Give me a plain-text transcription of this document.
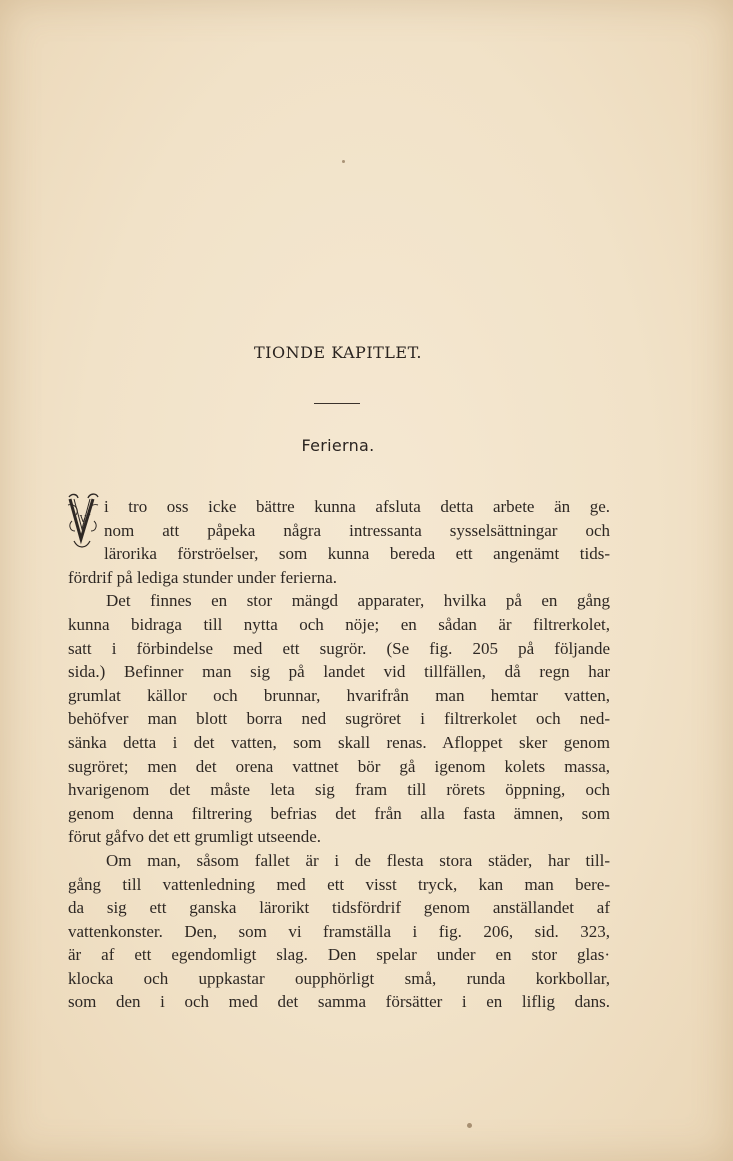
TIONDE KAPITLET.
Ferierna.
V
i tro oss icke bättre kunna afsluta detta arbete än ge.
nom att påpeka några intressanta sysselsättningar och
lärorika förströelser, som kunna bereda ett angenämt tids-
fördrif på lediga stunder under ferierna.
Det finnes en stor mängd apparater, hvilka på en gång
kunna bidraga till nytta och nöje; en sådan är filtrerkolet,
satt i förbindelse med ett sugrör. (Se fig. 205 på följande
sida.) Befinner man sig på landet vid tillfällen, då regn har
grumlat källor och brunnar, hvarifrån man hemtar vatten,
behöfver man blott borra ned sugröret i filtrerkolet och ned-
sänka detta i det vatten, som skall renas. Afloppet sker genom
sugröret; men det orena vattnet bör gå igenom kolets massa,
hvarigenom det måste leta sig fram till rörets öppning, och
genom denna filtrering befrias det från alla fasta ämnen, som
förut gåfvo det ett grumligt utseende.
Om man, såsom fallet är i de flesta stora städer, har till-
gång till vattenledning med ett visst tryck, kan man bere-
da sig ett ganska lärorikt tidsfördrif genom anställandet af
vattenkonster. Den, som vi framställa i fig. 206, sid. 323,
är af ett egendomligt slag. Den spelar under en stor glas·
klocka och uppkastar oupphörligt små, runda korkbollar,
som den i och med det samma försätter i en liflig dans.
